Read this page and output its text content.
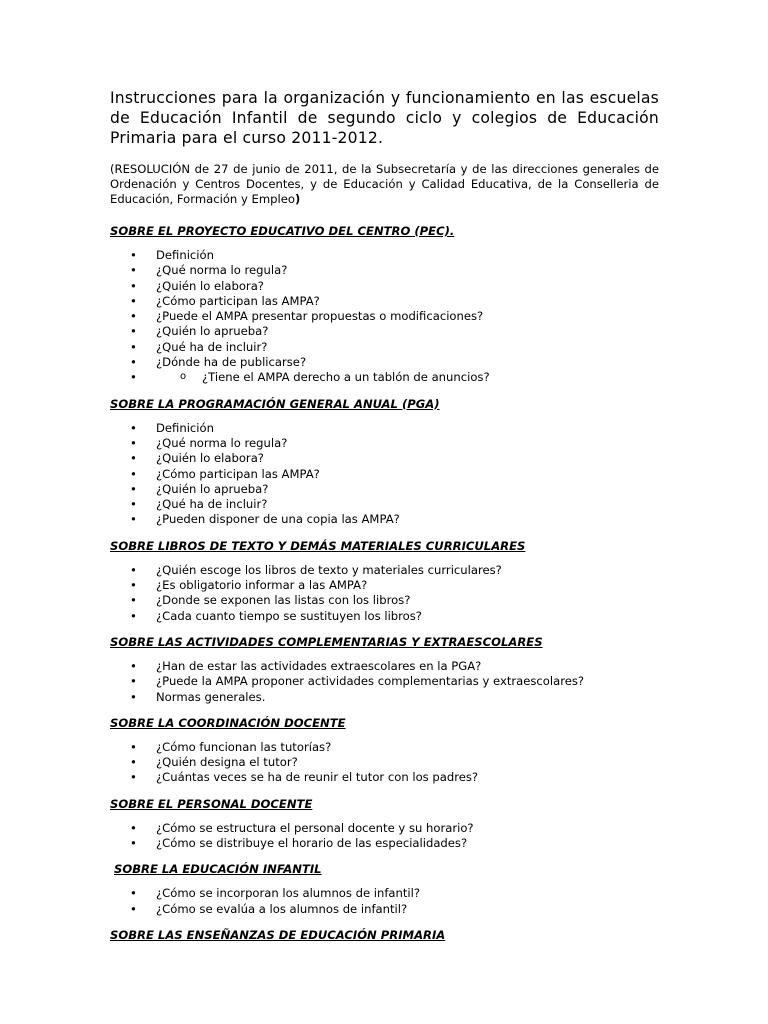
Instrucciones para la organización y funcionamiento en las escuelas de Educación Infantil de segundo ciclo y colegios de Educación Primaria para el curso 2011-2012.

(RESOLUCIÓN de 27 de junio de 2011, de la Subsecretaría y de las direcciones generales de Ordenación y Centros Docentes, y de Educación y Calidad Educativa, de la Conselleria de Educación, Formación y Empleo)

SOBRE EL PROYECTO EDUCATIVO DEL CENTRO (PEC).

• Definición
• ¿Qué norma lo regula?
• ¿Quién lo elabora?
• ¿Cómo participan las AMPA?
• ¿Puede el AMPA presentar propuestas o modificaciones?
• ¿Quién lo aprueba?
• ¿Qué ha de incluir?
• ¿Dónde ha de publicarse?
o • ¿Tiene el AMPA derecho a un tablón de anuncios?

SOBRE LA PROGRAMACIÓN GENERAL ANUAL (PGA)

• Definición
• ¿Qué norma lo regula?
• ¿Quién lo elabora?
• ¿Cómo participan las AMPA?
• ¿Quién lo aprueba?
• ¿Qué ha de incluir?
• ¿Pueden disponer de una copia las AMPA?

SOBRE LIBROS DE TEXTO Y DEMÁS MATERIALES CURRICULARES

• ¿Quién escoge los libros de texto y materiales curriculares?
• ¿Es obligatorio informar a las AMPA?
• ¿Donde se exponen las listas con los libros?
• ¿Cada cuanto tiempo se sustituyen los libros?

SOBRE LAS ACTIVIDADES COMPLEMENTARIAS Y EXTRAESCOLARES

• ¿Han de estar las actividades extraescolares en la PGA?
• ¿Puede la AMPA proponer actividades complementarias y extraescolares?
• Normas generales.

SOBRE LA COORDINACIÓN DOCENTE

• ¿Cómo funcionan las tutorías?
• ¿Quién designa el tutor?
• ¿Cuántas veces se ha de reunir el tutor con los padres?

SOBRE EL PERSONAL DOCENTE

• ¿Cómo se estructura el personal docente y su horario?
• ¿Cómo se distribuye el horario de las especialidades?

SOBRE LA EDUCACIÓN INFANTIL

• ¿Cómo se incorporan los alumnos de infantil?
• ¿Cómo se evalúa a los alumnos de infantil?

SOBRE LAS ENSEÑANZAS DE EDUCACIÓN PRIMARIA
